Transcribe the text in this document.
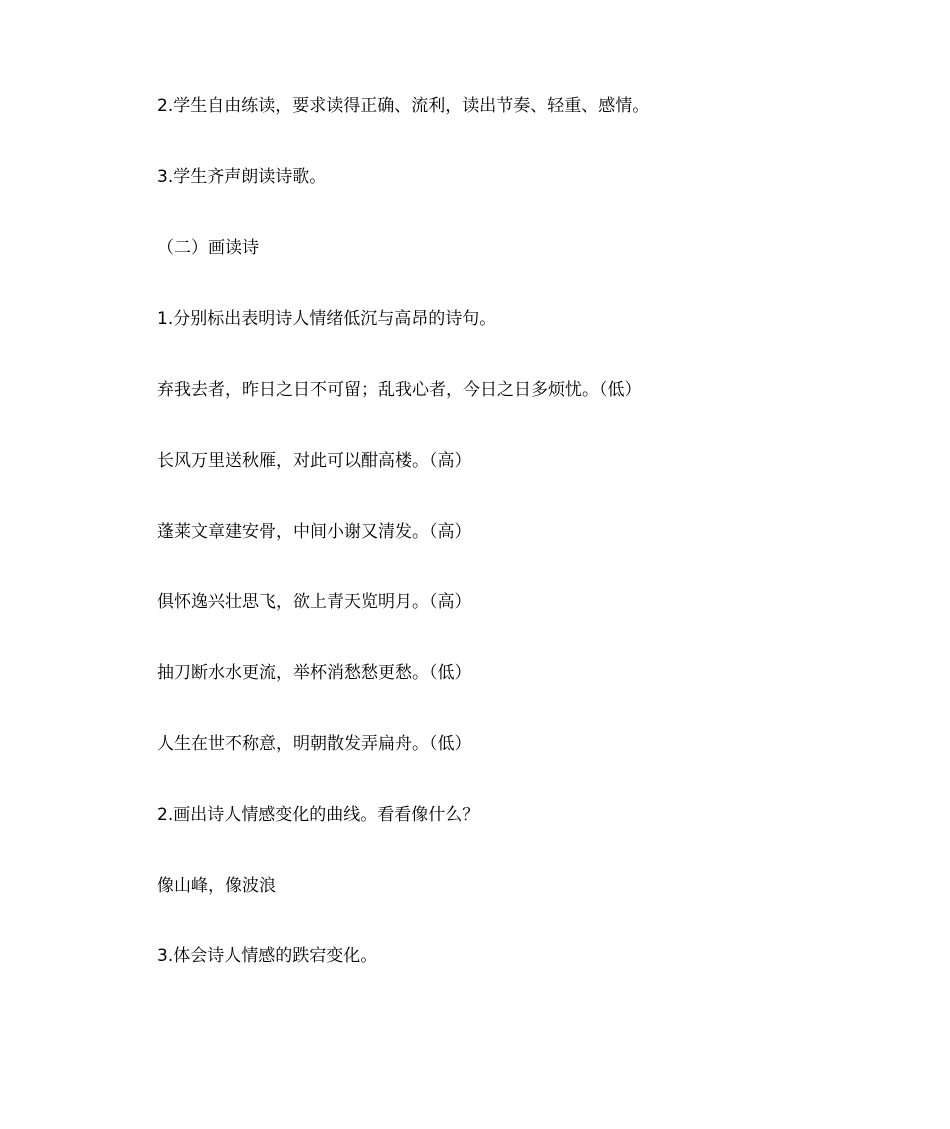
2.学生自由练读，要求读得正确、流利，读出节奏、轻重、感情。

3.学生齐声朗读诗歌。

（二）画读诗

1.分别标出表明诗人情绪低沉与高昂的诗句。

弃我去者，昨日之日不可留；乱我心者，今日之日多烦忧。（低）

长风万里送秋雁，对此可以酣高楼。（高）

蓬莱文章建安骨，中间小谢又清发。（高）

俱怀逸兴壮思飞，欲上青天览明月。（高）

抽刀断水水更流，举杯消愁愁更愁。（低）

人生在世不称意，明朝散发弄扁舟。（低）

2.画出诗人情感变化的曲线。看看像什么？

像山峰，像波浪

3.体会诗人情感的跌宕变化。
